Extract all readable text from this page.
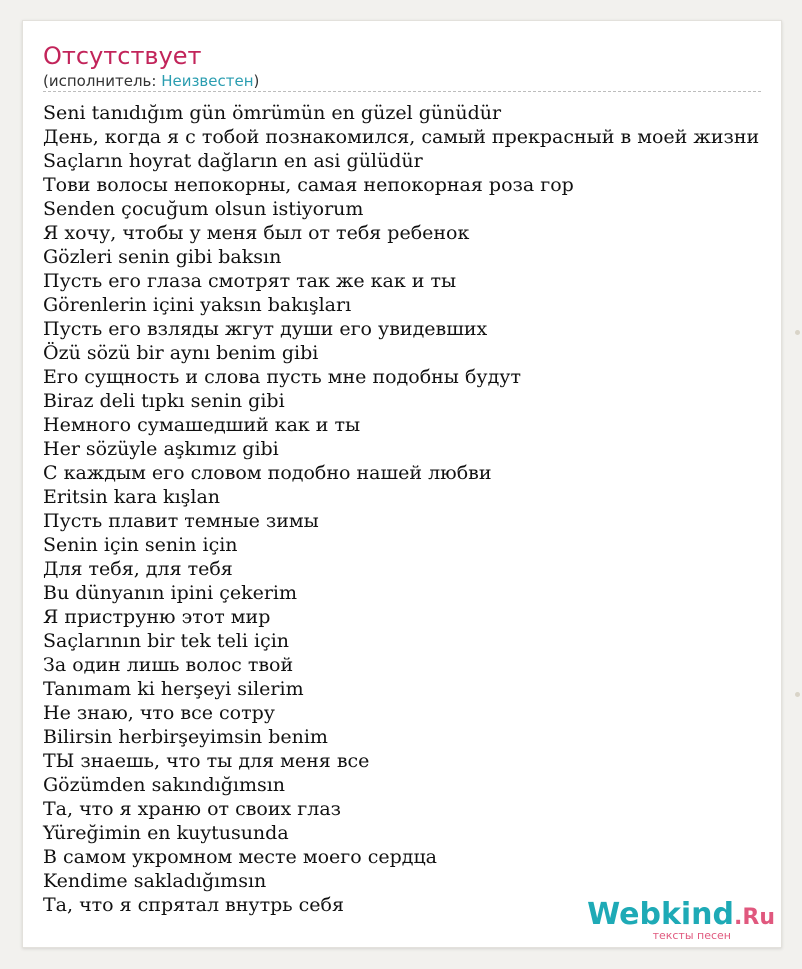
Отсутствует
(исполнитель: Неизвестен)
Seni tanıdığım gün ömrümün en güzel günüdür
День, когда я с тобой познакомился, самый прекрасный в моей жизни
Saçların hoyrat dağların en asi gülüdür
Тови волосы непокорны, самая непокорная роза гор
Senden çocuğum olsun istiyorum
Я хочу, чтобы у меня был от тебя ребенок
Gözleri senin gibi baksın
Пусть его глаза смотрят так же как и ты
Görenlerin içini yaksın bakışları
Пусть его взляды жгут души его увидевших
Özü sözü bir aynı benim gibi
Его сущность и слова пусть мне подобны будут
Biraz deli tıpkı senin gibi
Немного сумашедший как и ты
Her sözüyle aşkımız gibi
С каждым его словом подобно нашей любви
Eritsin kara kışlan
Пусть плавит темные зимы
Senin için senin için
Для тебя, для тебя
Bu dünyanın ipini çekerim
Я приструню этот мир
Saçlarının bir tek teli için
За один лишь волос твой
Tanımam ki herşeyi silerim
Не знаю, что все сотру
Bilirsin herbirşeyimsin benim
ТЫ знаешь, что ты для меня все
Gözümden sakındığımsın
Та, что я храню от своих глаз
Yüreğimin en kuytusunda
В самом укромном месте моего сердца
Kendime sakladığımsın
Та, что я спрятал внутрь себя	Webkind.Ru
тексты песен
